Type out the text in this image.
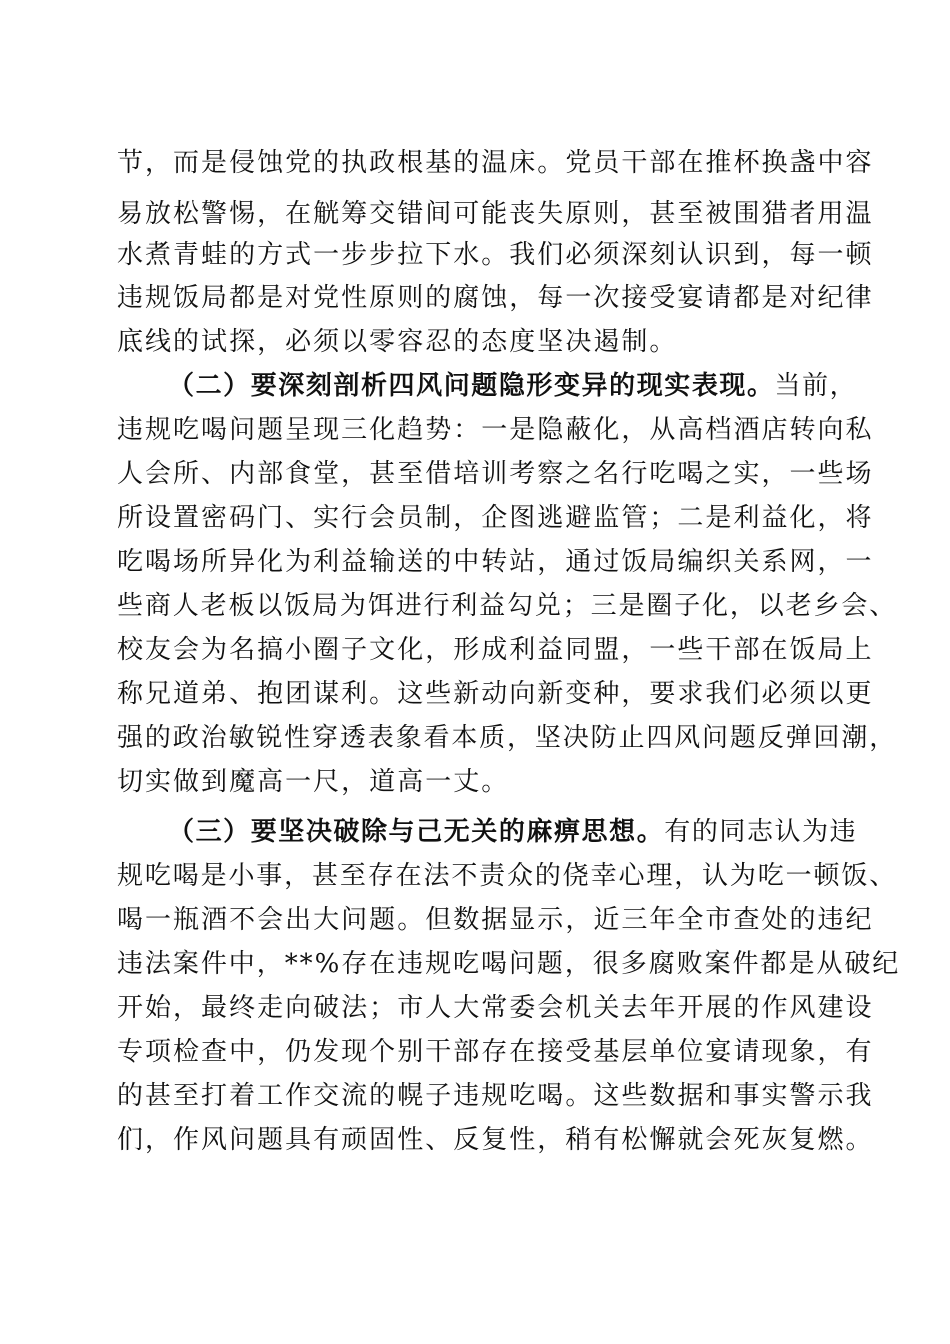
节，而是侵蚀党的执政根基的温床。党员干部在推杯换盏中容
易放松警惕，在觥筹交错间可能丧失原则，甚至被围猎者用温
水煮青蛙的方式一步步拉下水。我们必须深刻认识到，每一顿
违规饭局都是对党性原则的腐蚀，每一次接受宴请都是对纪律
底线的试探，必须以零容忍的态度坚决遏制。
（二）要深刻剖析四风问题隐形变异的现实表现。当前，
违规吃喝问题呈现三化趋势：一是隐蔽化，从高档酒店转向私
人会所、内部食堂，甚至借培训考察之名行吃喝之实，一些场
所设置密码门、实行会员制，企图逃避监管；二是利益化，将
吃喝场所异化为利益输送的中转站，通过饭局编织关系网，一
些商人老板以饭局为饵进行利益勾兑；三是圈子化，以老乡会、
校友会为名搞小圈子文化，形成利益同盟，一些干部在饭局上
称兄道弟、抱团谋利。这些新动向新变种，要求我们必须以更
强的政治敏锐性穿透表象看本质，坚决防止四风问题反弹回潮，
切实做到魔高一尺，道高一丈。
（三）要坚决破除与己无关的麻痹思想。有的同志认为违
规吃喝是小事，甚至存在法不责众的侥幸心理，认为吃一顿饭、
喝一瓶酒不会出大问题。但数据显示，近三年全市查处的违纪
违法案件中，**%存在违规吃喝问题，很多腐败案件都是从破纪
开始，最终走向破法；市人大常委会机关去年开展的作风建设
专项检查中，仍发现个别干部存在接受基层单位宴请现象，有
的甚至打着工作交流的幌子违规吃喝。这些数据和事实警示我
们，作风问题具有顽固性、反复性，稍有松懈就会死灰复燃。
